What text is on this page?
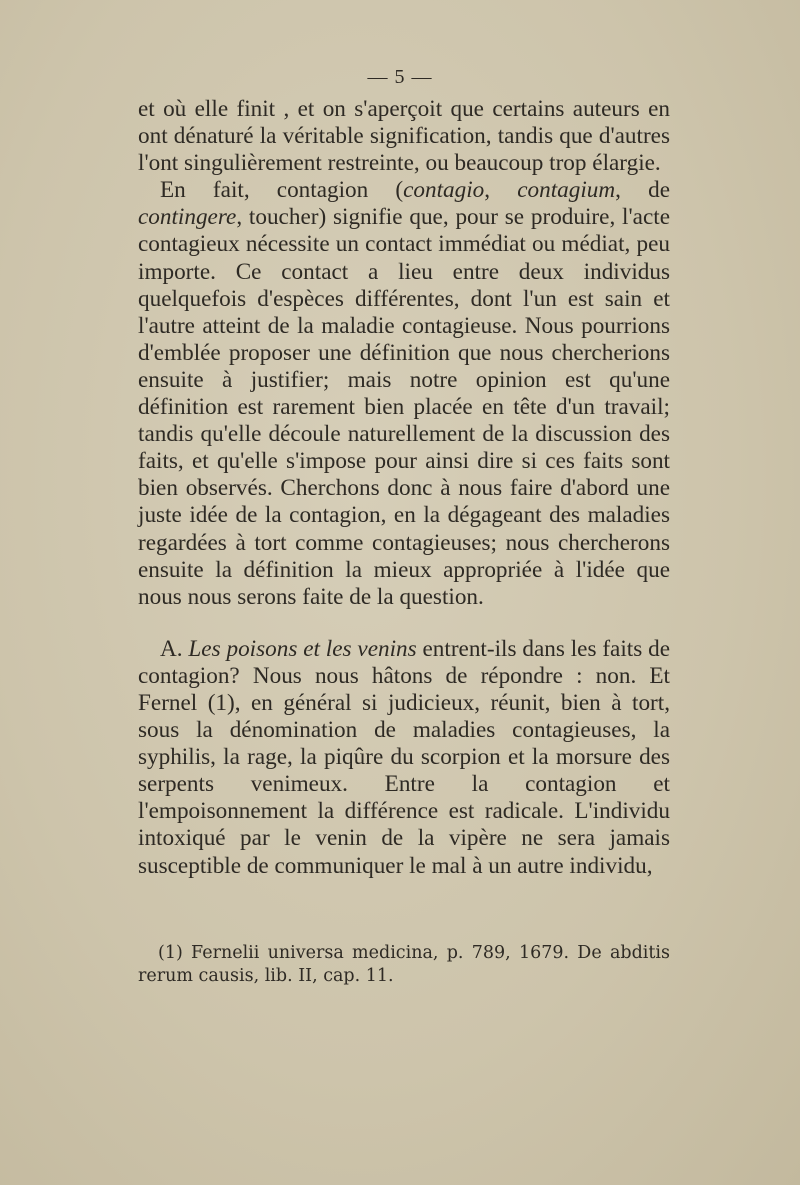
— 5 —

et où elle finit , et on s'aperçoit que certains auteurs en ont dénaturé la véritable signification, tandis que d'autres l'ont singulièrement restreinte, ou beaucoup trop élargie.

En fait, contagion (contagio, contagium, de contingere, toucher) signifie que, pour se produire, l'acte contagieux nécessite un contact immédiat ou médiat, peu importe. Ce contact a lieu entre deux individus quelquefois d'espèces différentes, dont l'un est sain et l'autre atteint de la maladie contagieuse. Nous pourrions d'emblée proposer une définition que nous chercherions ensuite à justifier; mais notre opinion est qu'une définition est rarement bien placée en tête d'un travail; tandis qu'elle découle naturellement de la discussion des faits, et qu'elle s'impose pour ainsi dire si ces faits sont bien observés. Cherchons donc à nous faire d'abord une juste idée de la contagion, en la dégageant des maladies regardées à tort comme contagieuses; nous chercherons ensuite la définition la mieux appropriée à l'idée que nous nous serons faite de la question.

A. Les poisons et les venins entrent-ils dans les faits de contagion? Nous nous hâtons de répondre : non. Et Fernel (1), en général si judicieux, réunit, bien à tort, sous la dénomination de maladies contagieuses, la syphilis, la rage, la piqûre du scorpion et la morsure des serpents venimeux. Entre la contagion et l'empoisonnement la différence est radicale. L'individu intoxiqué par le venin de la vipère ne sera jamais susceptible de communiquer le mal à un autre individu,

(1) Fernelii universa medicina, p. 789, 1679. De abditis rerum causis, lib. II, cap. 11.
